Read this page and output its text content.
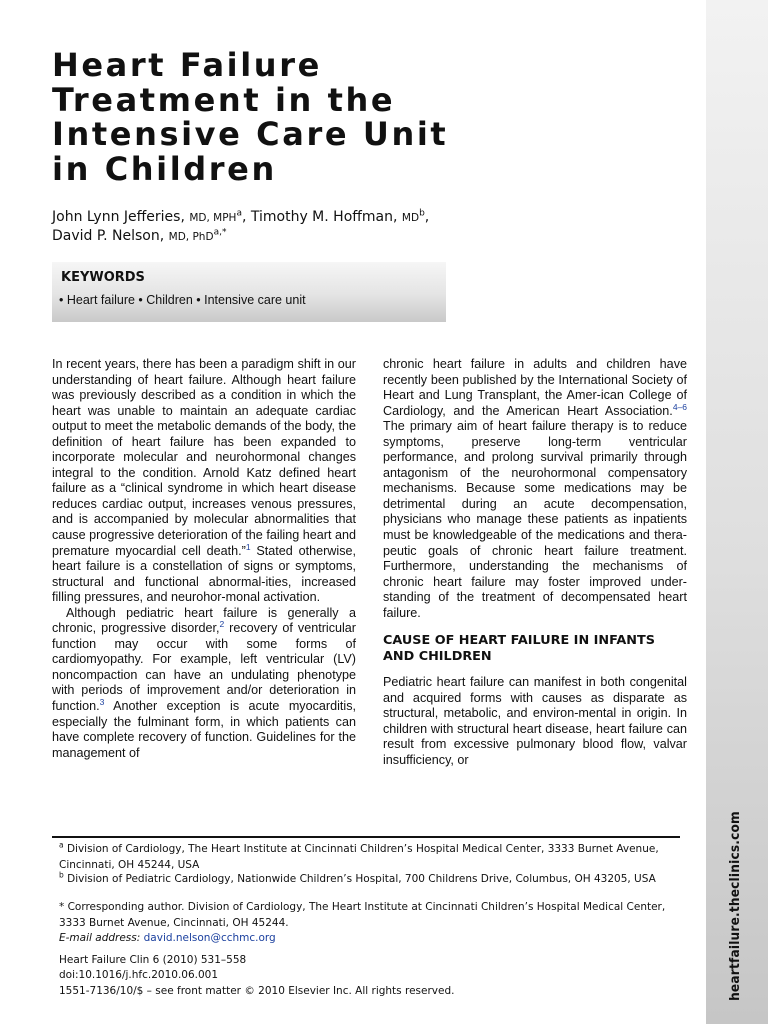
heartfailure.theclinics.com
Heart Failure
Treatment in the
Intensive Care Unit
in Children

John Lynn Jefferies, MD, MPH$^a$, Timothy M. Hoffman, $MD^b$,
David P. Nelson, MD, PhD$^{a,*}$

KEYWORDS
• Heart failure • Children • Intensive care unit

In recent years, there has been a paradigm shift in our understanding of heart failure. Although heart failure was previously described as a condition in which the heart was unable to maintain an adequate cardiac output to meet the metabolic demands of the body, the definition of heart failure has been expanded to incorporate molecular and neurohormonal changes integral to the condition. Arnold Katz defined heart failure as a “clinical syndrome in which heart disease reduces cardiac output, increases venous pressures, and is accompanied by molecular abnormalities that cause progressive deterioration of the failing heart and premature myocardial cell death.”$^1$ Stated otherwise, heart failure is a constellation of signs or symptoms, structural and functional abnormal-ities, increased filling pressures, and neurohor-monal activation.

Although pediatric heart failure is generally a chronic, progressive disorder,$^2$ recovery of ventricular function may occur with some forms of cardiomyopathy. For example, left ventricular (LV) noncompaction can have an undulating phenotype with periods of improvement and/or deterioration in function.$^3$ Another exception is acute myocarditis, especially the fulminant form, in which patients can have complete recovery of function. Guidelines for the management of

chronic heart failure in adults and children have recently been published by the International Society of Heart and Lung Transplant, the Amer-ican College of Cardiology, and the American Heart Association.$^{4-6}$ The primary aim of heart failure therapy is to reduce symptoms, preserve long-term ventricular performance, and prolong survival primarily through antagonism of the neurohormonal compensatory mechanisms. Because some medications may be detrimental during an acute decompensation, physicians who manage these patients as inpatients must be knowledgeable of the medications and thera-peutic goals of chronic heart failure treatment. Furthermore, understanding the mechanisms of chronic heart failure may foster improved under-standing of the treatment of decompensated heart failure.

CAUSE OF HEART FAILURE IN INFANTS AND CHILDREN

Pediatric heart failure can manifest in both congenital and acquired forms with causes as disparate as structural, metabolic, and environ-mental in origin. In children with structural heart disease, heart failure can result from excessive pulmonary blood flow, valvar insufficiency, or

$^a$ Division of Cardiology, The Heart Institute at Cincinnati Children’s Hospital Medical Center, 3333 Burnet Avenue, Cincinnati, OH 45244, USA

$^b$ Division of Pediatric Cardiology, Nationwide Children’s Hospital, 700 Childrens Drive, Columbus, OH 43205, USA

* Corresponding author. Division of Cardiology, The Heart Institute at Cincinnati Children’s Hospital Medical Center, 3333 Burnet Avenue, Cincinnati, OH 45244.
E-mail address: david.nelson@cchmc.org

Heart Failure Clin 6 (2010) 531–558
doi:10.1016/j.hfc.2010.06.001
1551-7136/10/$ – see front matter © 2010 Elsevier Inc. All rights reserved.
